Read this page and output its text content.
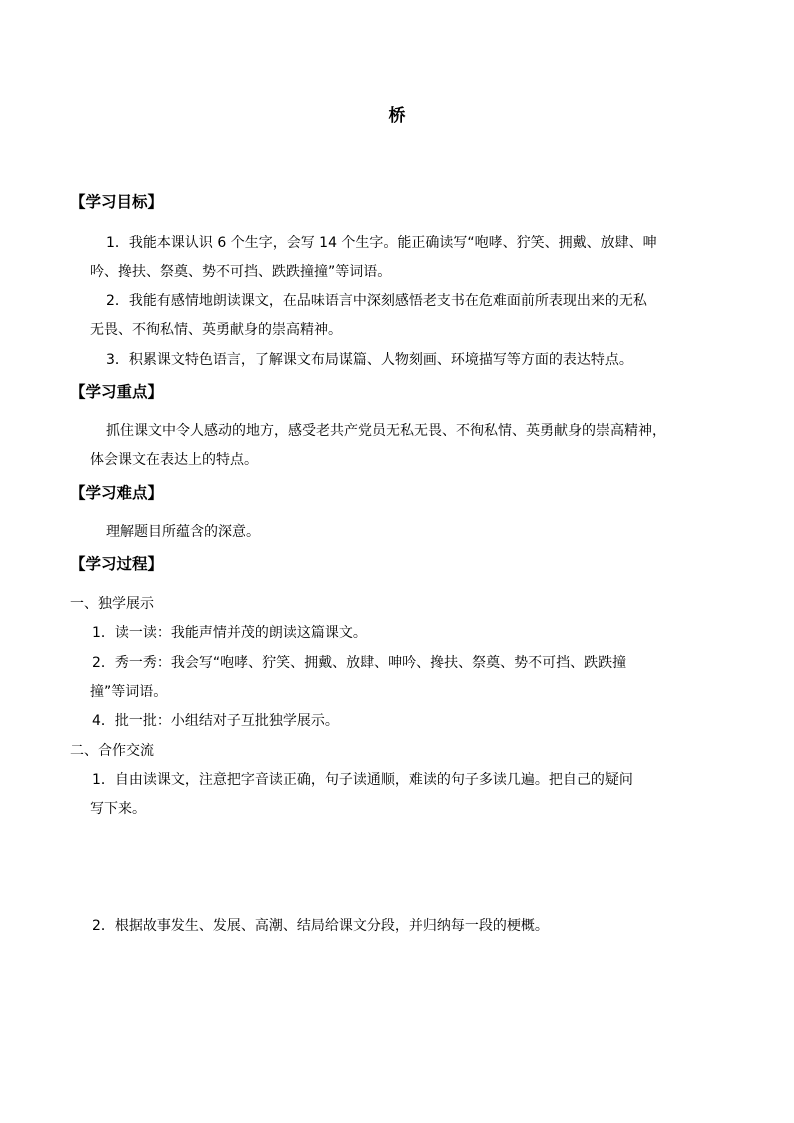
桥
【学习目标】
1．我能本课认识 6 个生字，会写 14 个生字。能正确读写“咆哮、狞笑、拥戴、放肆、呻
吟、搀扶、祭奠、势不可挡、跌跌撞撞”等词语。
2．我能有感情地朗读课文，在品味语言中深刻感悟老支书在危难面前所表现出来的无私
无畏、不徇私情、英勇献身的崇高精神。
3．积累课文特色语言，了解课文布局谋篇、人物刻画、环境描写等方面的表达特点。
【学习重点】
抓住课文中令人感动的地方，感受老共产党员无私无畏、不徇私情、英勇献身的崇高精神，
体会课文在表达上的特点。
【学习难点】
理解题目所蕴含的深意。
【学习过程】
一、独学展示
1．读一读：我能声情并茂的朗读这篇课文。
2．秀一秀：我会写“咆哮、狞笑、拥戴、放肆、呻吟、搀扶、祭奠、势不可挡、跌跌撞
撞”等词语。
4．批一批：小组结对子互批独学展示。
二、合作交流
1．自由读课文，注意把字音读正确，句子读通顺，难读的句子多读几遍。把自己的疑问
写下来。
2．根据故事发生、发展、高潮、结局给课文分段，并归纳每一段的梗概。
